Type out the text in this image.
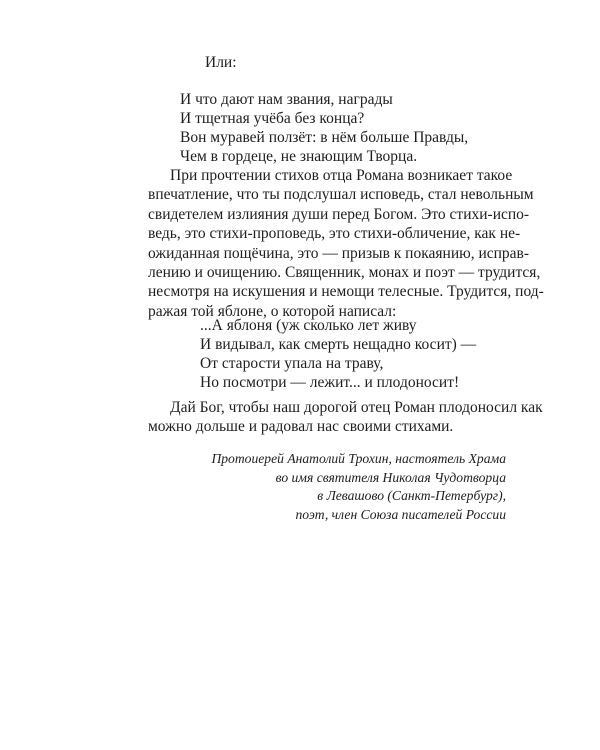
Или:
И что дают нам звания, награды
И тщетная учёба без конца?
Вон муравей ползёт: в нём больше Правды,
Чем в гордеце, не знающим Творца.
При прочтении стихов отца Романа возникает такое
впечатление, что ты подслушал исповедь, стал невольным
свидетелем излияния души перед Богом. Это стихи-испо-
ведь, это стихи-проповедь, это стихи-обличение, как не-
ожиданная пощёчина, это — призыв к покаянию, исправ-
лению и очищению. Священник, монах и поэт — трудится,
несмотря на искушения и немощи телесные. Трудится, под-
ражая той яблоне, о которой написал:
...А яблоня (уж сколько лет живу
И видывал, как смерть нещадно косит) —
От старости упала на траву,
Но посмотри — лежит... и плодоносит!
Дай Бог, чтобы наш дорогой отец Роман плодоносил как
можно дольше и радовал нас своими стихами.
Протоиерей Анатолий Трохин, настоятель Храма
во имя святителя Николая Чудотворца
в Левашово (Санкт-Петербург),
поэт, член Союза писателей России
